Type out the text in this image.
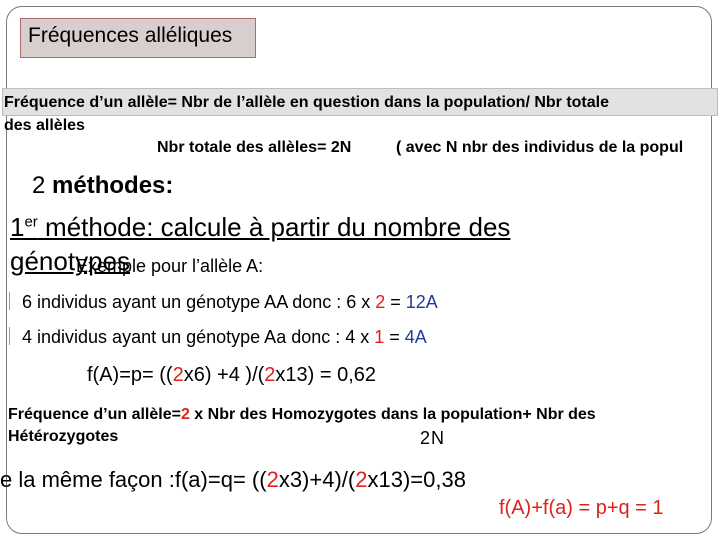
Fréquences alléliques
Fréquence d’un allèle= Nbr de l’allèle en question dans la population/ Nbr totale
des allèles
Nbr totale des allèles= 2N	( avec N nbr des individus de la popul
2 méthodes:
1er méthode: calcule à partir du nombre des
génotypes
Exemple pour l’allèle A:
6 individus ayant un génotype AA donc : 6 x 2 = 12A
4 individus ayant un génotype Aa donc : 4 x 1 = 4A
f(A)=p= ((2x6) +4 )/(2x13) = 0,62
Fréquence d’un allèle=2 x Nbr des Homozygotes dans la population+ Nbr des
Hétérozygotes	2N
e la même façon :f(a)=q= ((2x3)+4)/(2x13)=0,38
f(A)+f(a) = p+q = 1
